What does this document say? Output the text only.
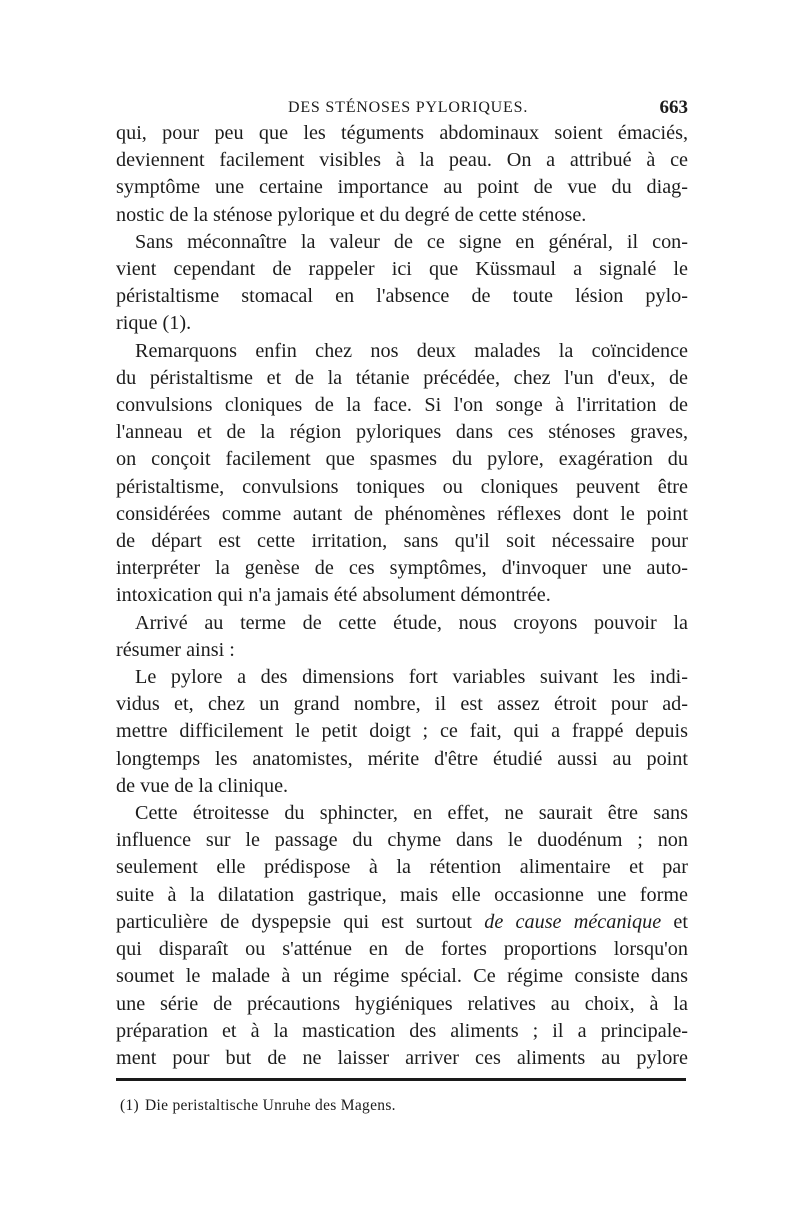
DES STÉNOSES PYLORIQUES.	663

qui, pour peu que les téguments abdominaux soient émaciés,
deviennent facilement visibles à la peau. On a attribué à ce
symptôme une certaine importance au point de vue du diag-
nostic de la sténose pylorique et du degré de cette sténose.

Sans méconnaître la valeur de ce signe en général, il con-
vient cependant de rappeler ici que Küssmaul a signalé le
péristaltisme stomacal en l'absence de toute lésion pylo-
rique (1).

Remarquons enfin chez nos deux malades la coïncidence
du péristaltisme et de la tétanie précédée, chez l'un d'eux, de
convulsions cloniques de la face. Si l'on songe à l'irritation de
l'anneau et de la région pyloriques dans ces sténoses graves,
on conçoit facilement que spasmes du pylore, exagération du
péristaltisme, convulsions toniques ou cloniques peuvent être
considérées comme autant de phénomènes réflexes dont le point
de départ est cette irritation, sans qu'il soit nécessaire pour
interpréter la genèse de ces symptômes, d'invoquer une auto-
intoxication qui n'a jamais été absolument démontrée.

Arrivé au terme de cette étude, nous croyons pouvoir la
résumer ainsi :

Le pylore a des dimensions fort variables suivant les indi-
vidus et, chez un grand nombre, il est assez étroit pour ad-
mettre difficilement le petit doigt ; ce fait, qui a frappé depuis
longtemps les anatomistes, mérite d'être étudié aussi au point
de vue de la clinique.

Cette étroitesse du sphincter, en effet, ne saurait être sans
influence sur le passage du chyme dans le duodénum ; non
seulement elle prédispose à la rétention alimentaire et par
suite à la dilatation gastrique, mais elle occasionne une forme
particulière de dyspepsie qui est surtout de cause mécanique et
qui disparaît ou s'atténue en de fortes proportions lorsqu'on
soumet le malade à un régime spécial. Ce régime consiste dans
une série de précautions hygiéniques relatives au choix, à la
préparation et à la mastication des aliments ; il a principale-
ment pour but de ne laisser arriver ces aliments au pylore

(1) Die peristaltische Unruhe des Magens.
